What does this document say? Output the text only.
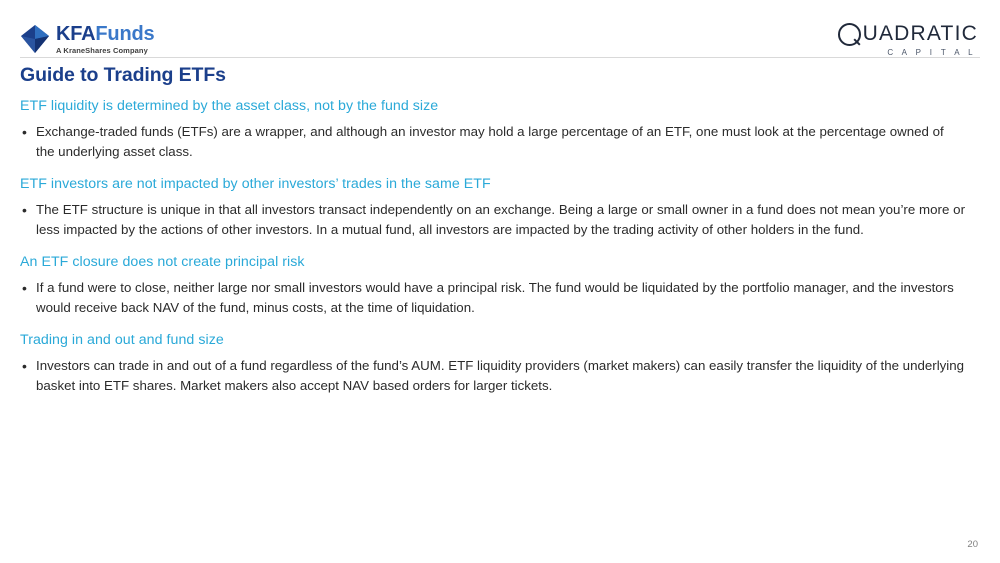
KFAFunds
A KraneShares Company
UADRATIC
C A P I T A L
Guide to Trading ETFs
ETF liquidity is determined by the asset class, not by the fund size
• Exchange-traded funds (ETFs) are a wrapper, and although an investor may hold a large percentage of an ETF, one must look at the percentage owned of the underlying asset class.
ETF investors are not impacted by other investors’ trades in the same ETF
• The ETF structure is unique in that all investors transact independently on an exchange. Being a large or small owner in a fund does not mean you’re more or less impacted by the actions of other investors. In a mutual fund, all investors are impacted by the trading activity of other holders in the fund.
An ETF closure does not create principal risk
• If a fund were to close, neither large nor small investors would have a principal risk. The fund would be liquidated by the portfolio manager, and the investors would receive back NAV of the fund, minus costs, at the time of liquidation.
Trading in and out and fund size
• Investors can trade in and out of a fund regardless of the fund’s AUM. ETF liquidity providers (market makers) can easily transfer the liquidity of the underlying basket into ETF shares. Market makers also accept NAV based orders for larger tickets.
20
